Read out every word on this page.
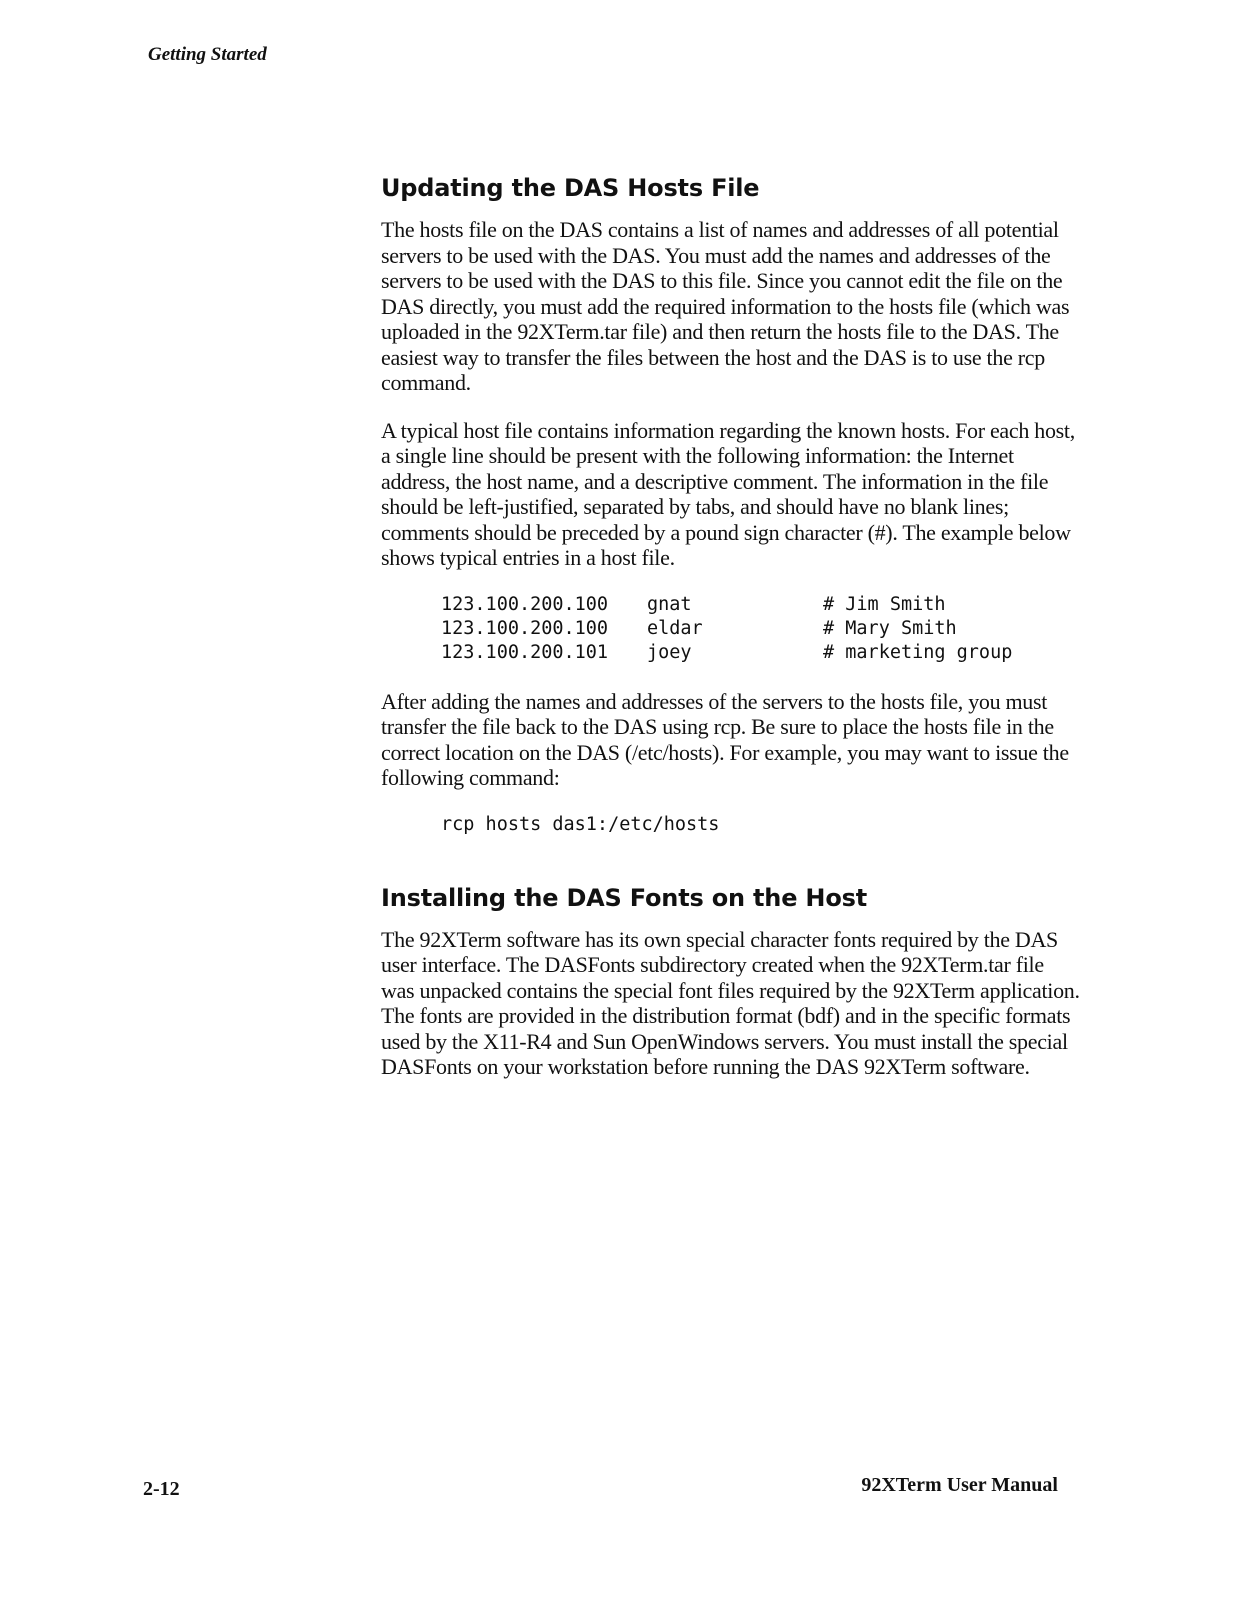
Getting Started
Updating the DAS Hosts File

The hosts file on the DAS contains a list of names and addresses of all potential servers to be used with the DAS. You must add the names and addresses of the servers to be used with the DAS to this file. Since you cannot edit the file on the DAS directly, you must add the required information to the hosts file (which was uploaded in the 92XTerm.tar file) and then return the hosts file to the DAS. The easiest way to transfer the files between the host and the DAS is to use the rcp command.

A typical host file contains information regarding the known hosts. For each host, a single line should be present with the following information: the Internet address, the host name, and a descriptive comment. The information in the file should be left-justified, separated by tabs, and should have no blank lines; comments should be preceded by a pound sign character (#). The example below shows typical entries in a host file.

123.100.200.100	gnat	# Jim Smith
123.100.200.100	eldar	# Mary Smith
123.100.200.101	joey	# marketing group

After adding the names and addresses of the servers to the hosts file, you must transfer the file back to the DAS using rcp. Be sure to place the hosts file in the correct location on the DAS (/etc/hosts). For example, you may want to issue the following command:

rcp hosts das1:/etc/hosts
Installing the DAS Fonts on the Host

The 92XTerm software has its own special character fonts required by the DAS user interface. The DASFonts subdirectory created when the 92XTerm.tar file was unpacked contains the special font files required by the 92XTerm application. The fonts are provided in the distribution format (bdf) and in the specific formats used by the X11-R4 and Sun OpenWindows servers. You must install the special DASFonts on your workstation before running the DAS 92XTerm software.

2-12	92XTerm User Manual
